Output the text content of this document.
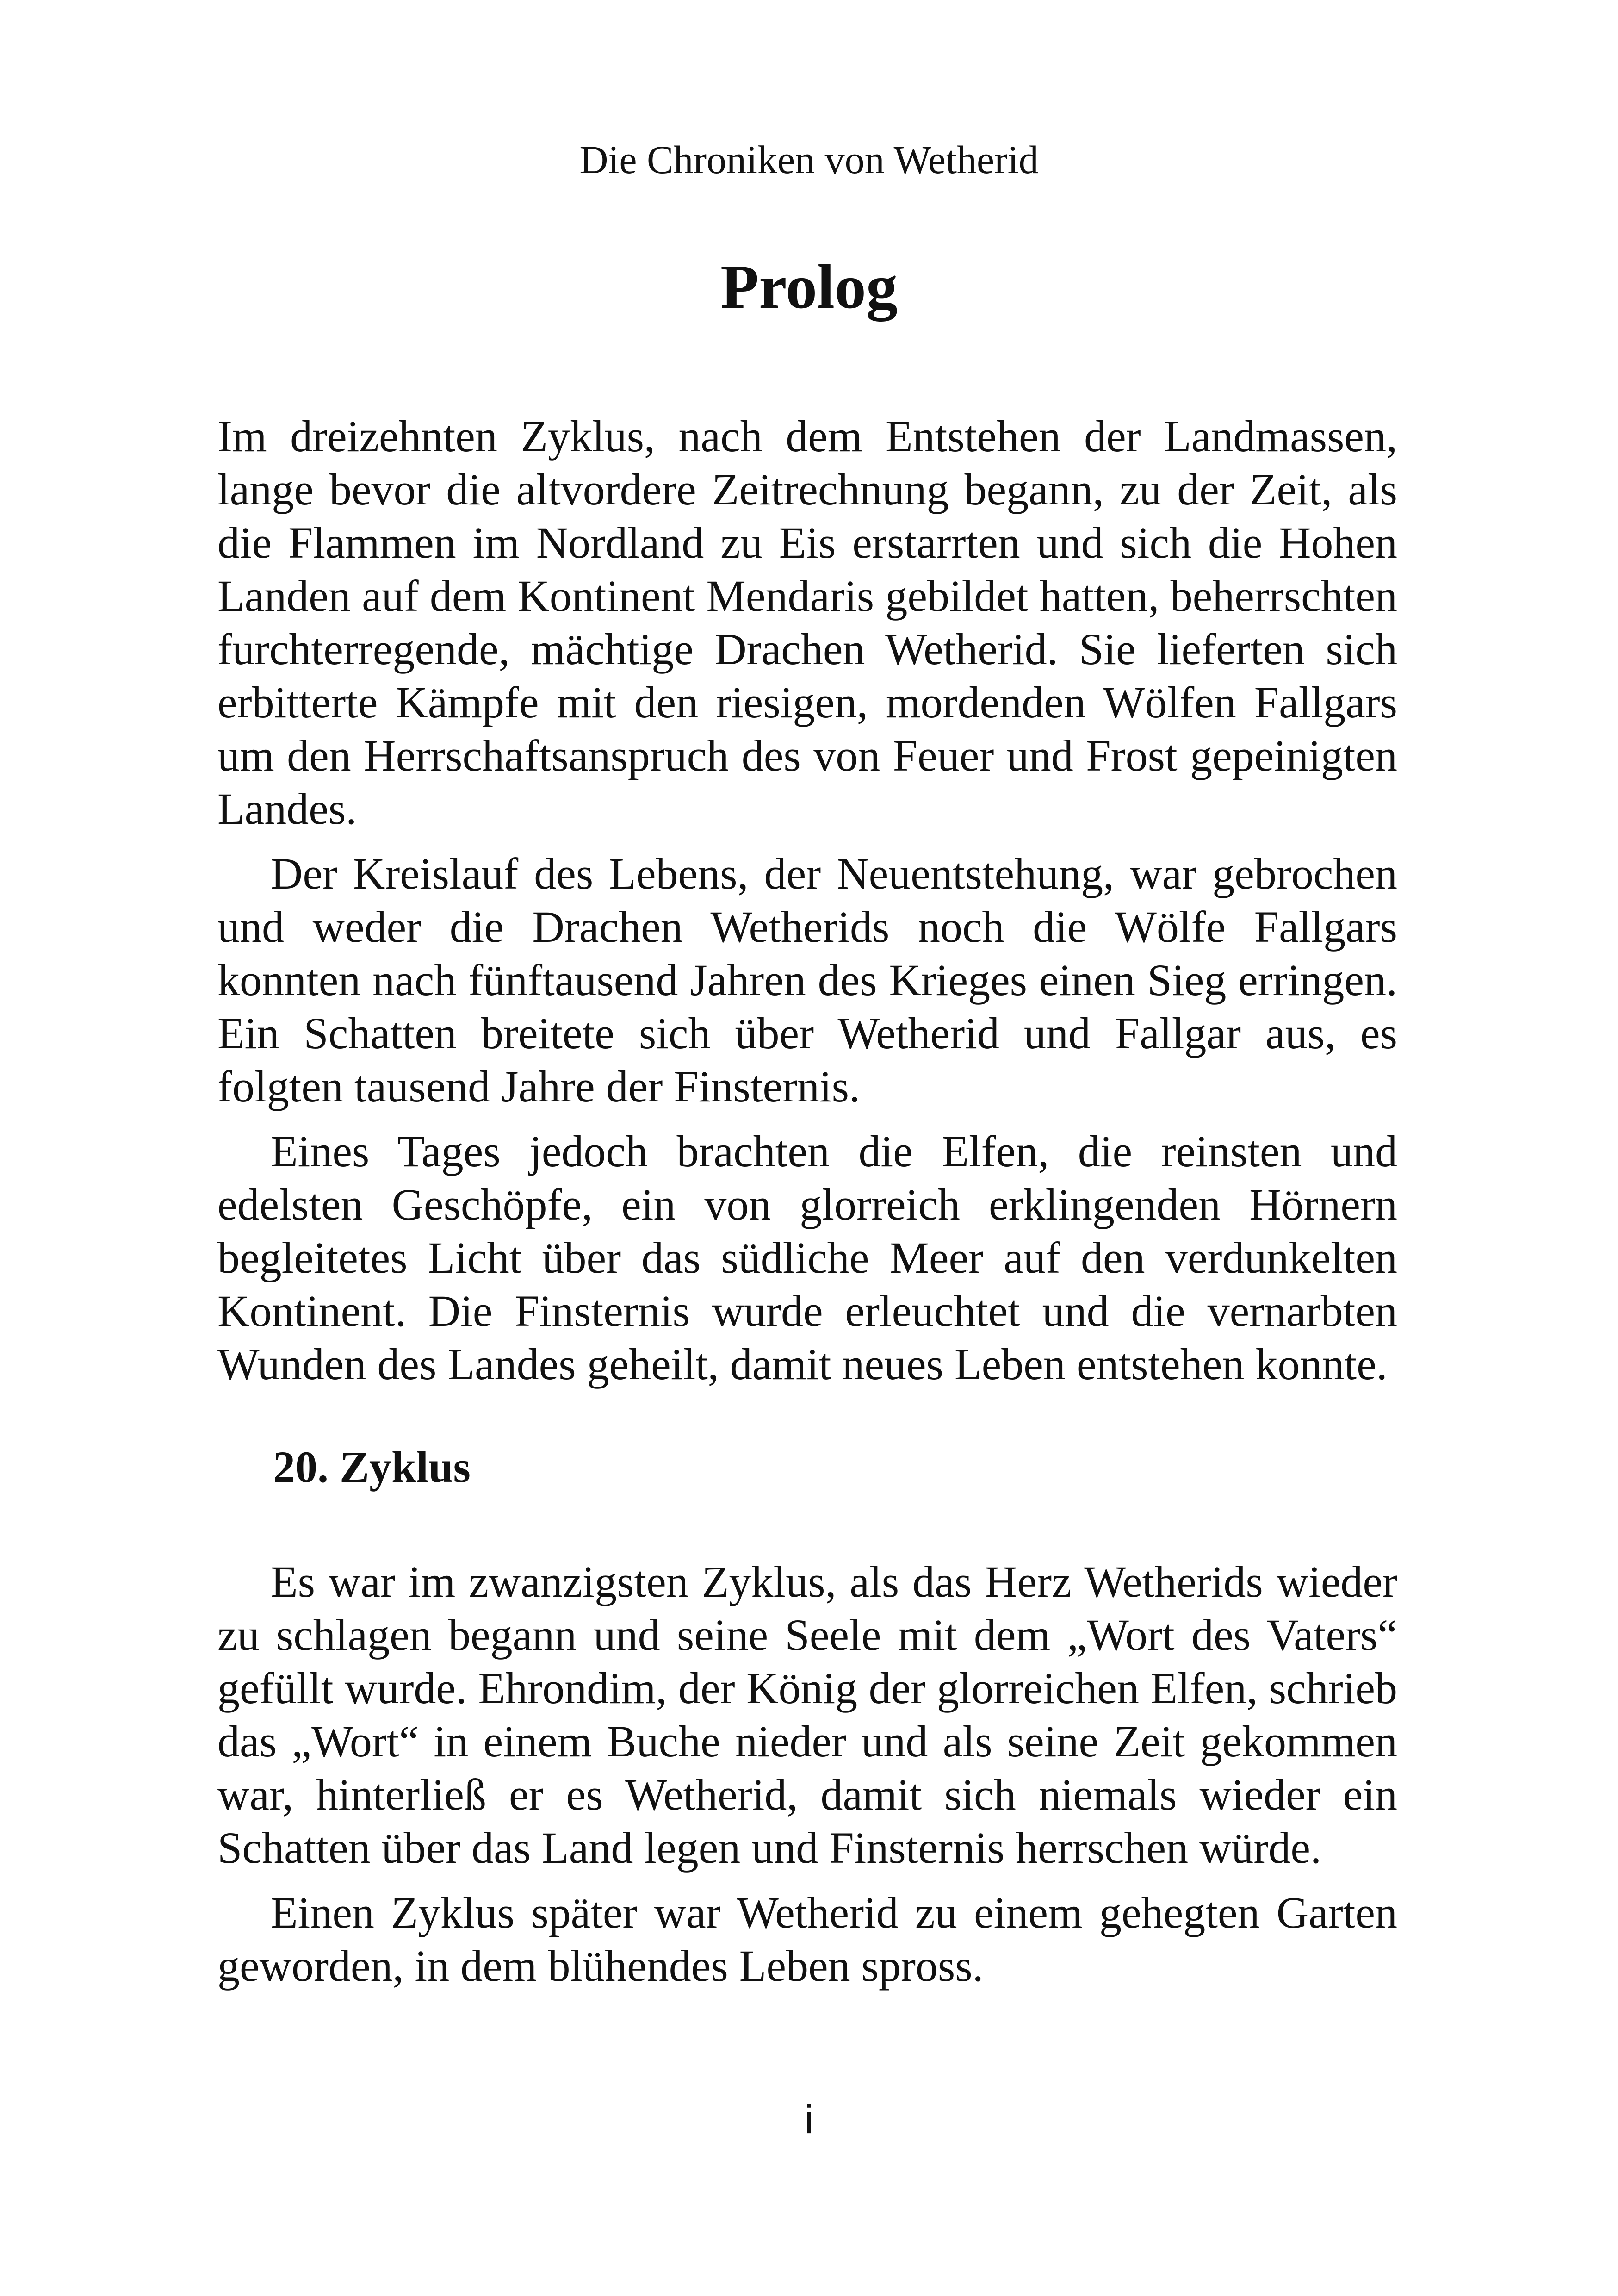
Die Chroniken von Wetherid
Prolog

Im dreizehnten Zyklus, nach dem Entstehen der Landmassen, lange bevor die altvordere Zeitrechnung begann, zu der Zeit, als die Flammen im Nordland zu Eis erstarrten und sich die Hohen Landen auf dem Kontinent Mendaris gebildet hatten, beherrschten furchterregende, mächtige Drachen Wetherid. Sie lieferten sich erbitterte Kämpfe mit den riesigen, mordenden Wölfen Fallgars um den Herrschaftsanspruch des von Feuer und Frost gepeinigten Landes.

Der Kreislauf des Lebens, der Neuentstehung, war gebrochen und weder die Drachen Wetherids noch die Wölfe Fallgars konnten nach fünftausend Jahren des Krieges einen Sieg erringen. Ein Schatten breitete sich über Wetherid und Fallgar aus, es folgten tausend Jahre der Finsternis.

Eines Tages jedoch brachten die Elfen, die reinsten und edelsten Geschöpfe, ein von glorreich erklingenden Hörnern begleitetes Licht über das südliche Meer auf den verdunkelten Kontinent. Die Finsternis wurde erleuchtet und die vernarbten Wunden des Landes geheilt, damit neues Leben entstehen konnte.

20. Zyklus

Es war im zwanzigsten Zyklus, als das Herz Wetherids wieder zu schlagen begann und seine Seele mit dem „Wort des Vaters“ gefüllt wurde. Ehrondim, der König der glorreichen Elfen, schrieb das „Wort“ in einem Buche nieder und als seine Zeit gekommen war, hinterließ er es Wetherid, damit sich niemals wieder ein Schatten über das Land legen und Finsternis herrschen würde.

Einen Zyklus später war Wetherid zu einem gehegten Garten geworden, in dem blühendes Leben spross.

i
